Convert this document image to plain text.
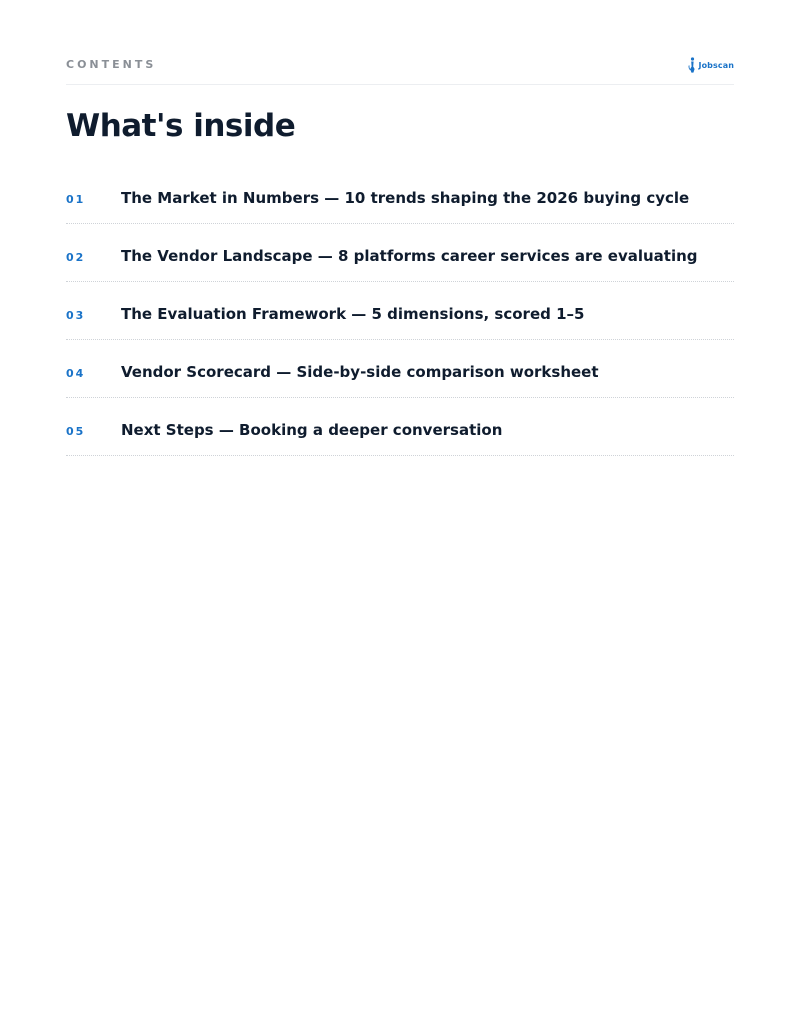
CONTENTS	Jobscan
What's inside
01 The Market in Numbers — 10 trends shaping the 2026 buying cycle
02 The Vendor Landscape — 8 platforms career services are evaluating
03 The Evaluation Framework — 5 dimensions, scored 1–5
04 Vendor Scorecard — Side-by-side comparison worksheet
05 Next Steps — Booking a deeper conversation
